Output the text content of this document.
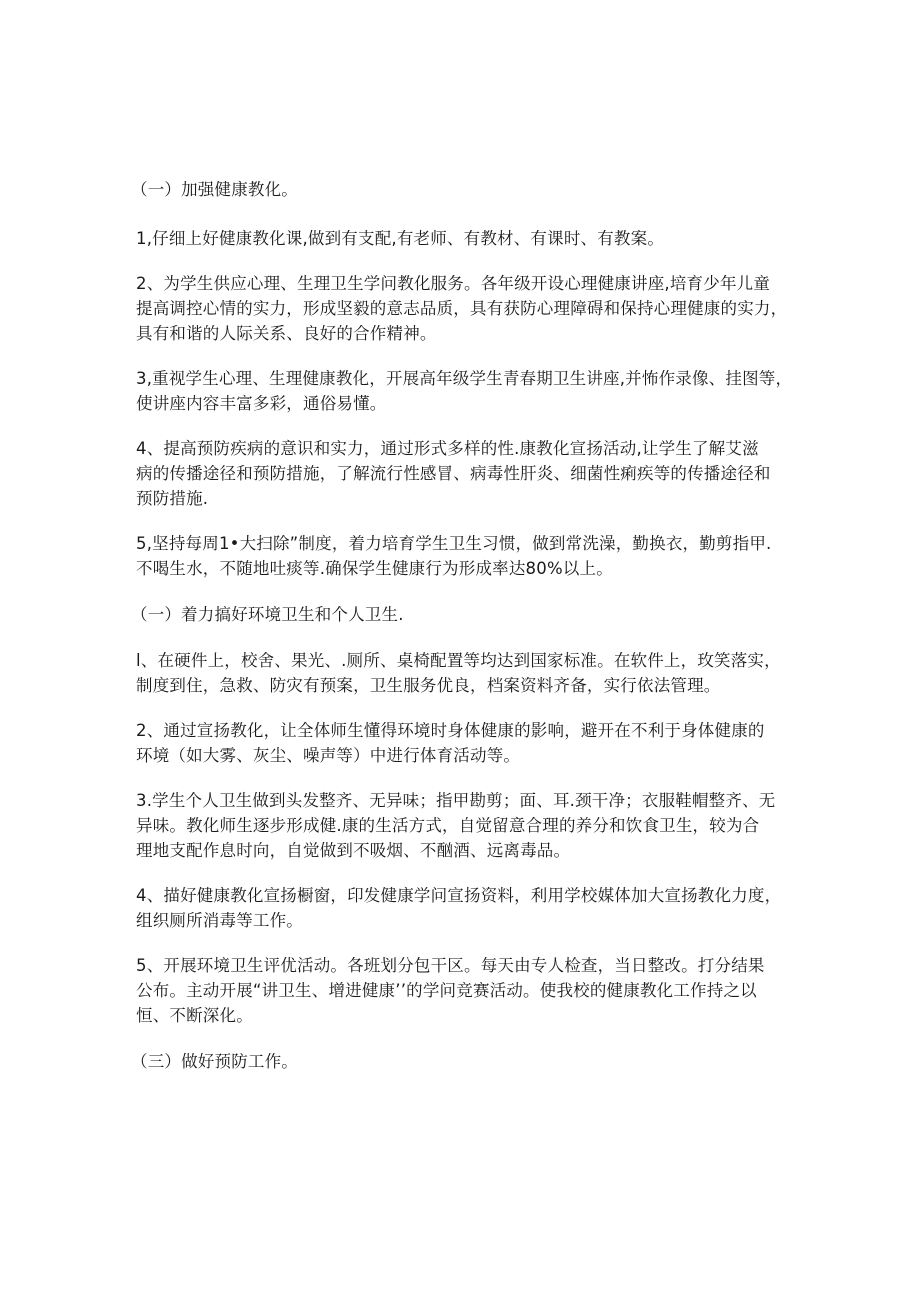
（一）加强健康教化。
1,仔细上好健康教化课,做到有支配,有老师、有教材、有课时、有教案。
2、为学生供应心理、生理卫生学问教化服务。各年级开设心理健康讲座,培育少年儿童
提高调控心情的实力，形成坚毅的意志品质，具有获防心理障碍和保持心理健康的实力，
具有和谐的人际关系、良好的合作精神。
3,重视学生心理、生理健康教化，开展高年级学生青春期卫生讲座,并怖作录像、挂图等，
使讲座内容丰富多彩，通俗易懂。
4、提高预防疾病的意识和实力，通过形式多样的性.康教化宣扬活动,让学生了解艾滋
病的传播途径和预防措施，了解流行性感冒、病毒性肝炎、细菌性痢疾等的传播途径和
预防措施.
5,坚持每周1•大扫除”制度，着力培育学生卫生习惯，做到常洗澡，勤换衣，勤剪指甲.
不喝生水，不随地吐痰等.确保学生健康行为形成率达80%以上。
（一）着力搞好环境卫生和个人卫生.
l、在硬件上，校舍、果光、.厕所、桌椅配置等均达到国家标准。在软件上，玫笑落实，
制度到住，急救、防灾有预案，卫生服务优良，档案资料齐备，实行依法管理。
2、通过宣扬教化，让全体师生懂得环境时身体健康的影响，避开在不利于身体健康的
环境（如大雾、灰尘、噪声等）中进行体育活动等。
3.学生个人卫生做到头发整齐、无异味；指甲勘剪；面、耳.颈干净；衣服鞋帽整齐、无
异味。教化师生逐步形成健.康的生活方式，自觉留意合理的养分和饮食卫生，较为合
理地支配作息时向，自觉做到不吸烟、不酗酒、远离毒品。
4、描好健康教化宣扬橱窗，印发健康学问宣扬资料，利用学校媒体加大宣扬教化力度，
组织厕所消毒等工作。
5、开展环境卫生评优活动。各班划分包干区。每天由专人检查，当日整改。打分结果
公布。主动开展“讲卫生、增进健康’’的学问竞赛活动。使我校的健康教化工作持之以
恒、不断深化。
（三）做好预防工作。
